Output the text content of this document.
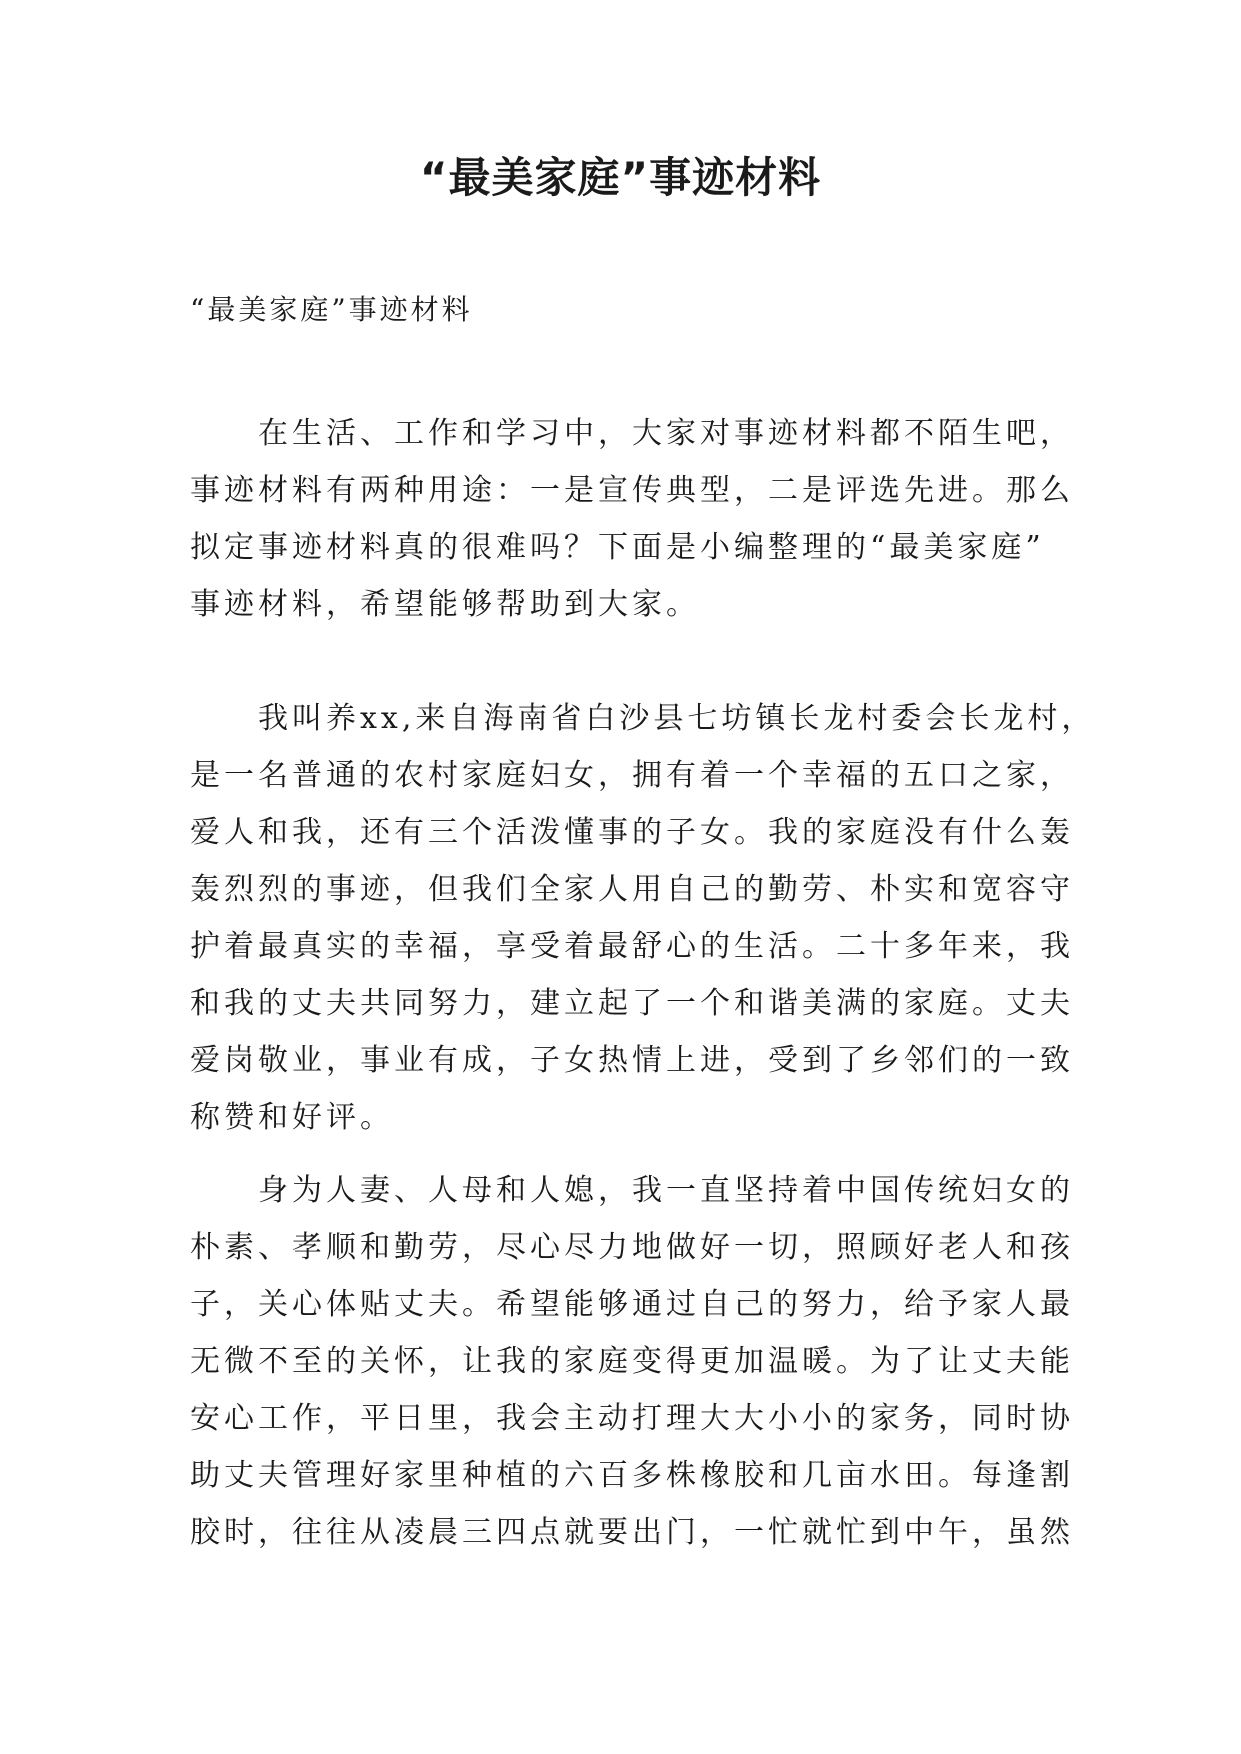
“最美家庭”事迹材料

“最美家庭”事迹材料

在生活、工作和学习中，大家对事迹材料都不陌生吧，
事迹材料有两种用途：一是宣传典型，二是评选先进。那么
拟定事迹材料真的很难吗？下面是小编整理的“最美家庭”
事迹材料，希望能够帮助到大家。
我叫养xx,来自海南省白沙县七坊镇长龙村委会长龙村，
是一名普通的农村家庭妇女，拥有着一个幸福的五口之家，
爱人和我，还有三个活泼懂事的子女。我的家庭没有什么轰
轰烈烈的事迹，但我们全家人用自己的勤劳、朴实和宽容守
护着最真实的幸福，享受着最舒心的生活。二十多年来，我
和我的丈夫共同努力，建立起了一个和谐美满的家庭。丈夫
爱岗敬业，事业有成，子女热情上进，受到了乡邻们的一致
称赞和好评。
身为人妻、人母和人媳，我一直坚持着中国传统妇女的
朴素、孝顺和勤劳，尽心尽力地做好一切，照顾好老人和孩
子，关心体贴丈夫。希望能够通过自己的努力，给予家人最
无微不至的关怀，让我的家庭变得更加温暖。为了让丈夫能
安心工作，平日里，我会主动打理大大小小的家务，同时协
助丈夫管理好家里种植的六百多株橡胶和几亩水田。每逢割
胶时，往往从凌晨三四点就要出门，一忙就忙到中午，虽然
